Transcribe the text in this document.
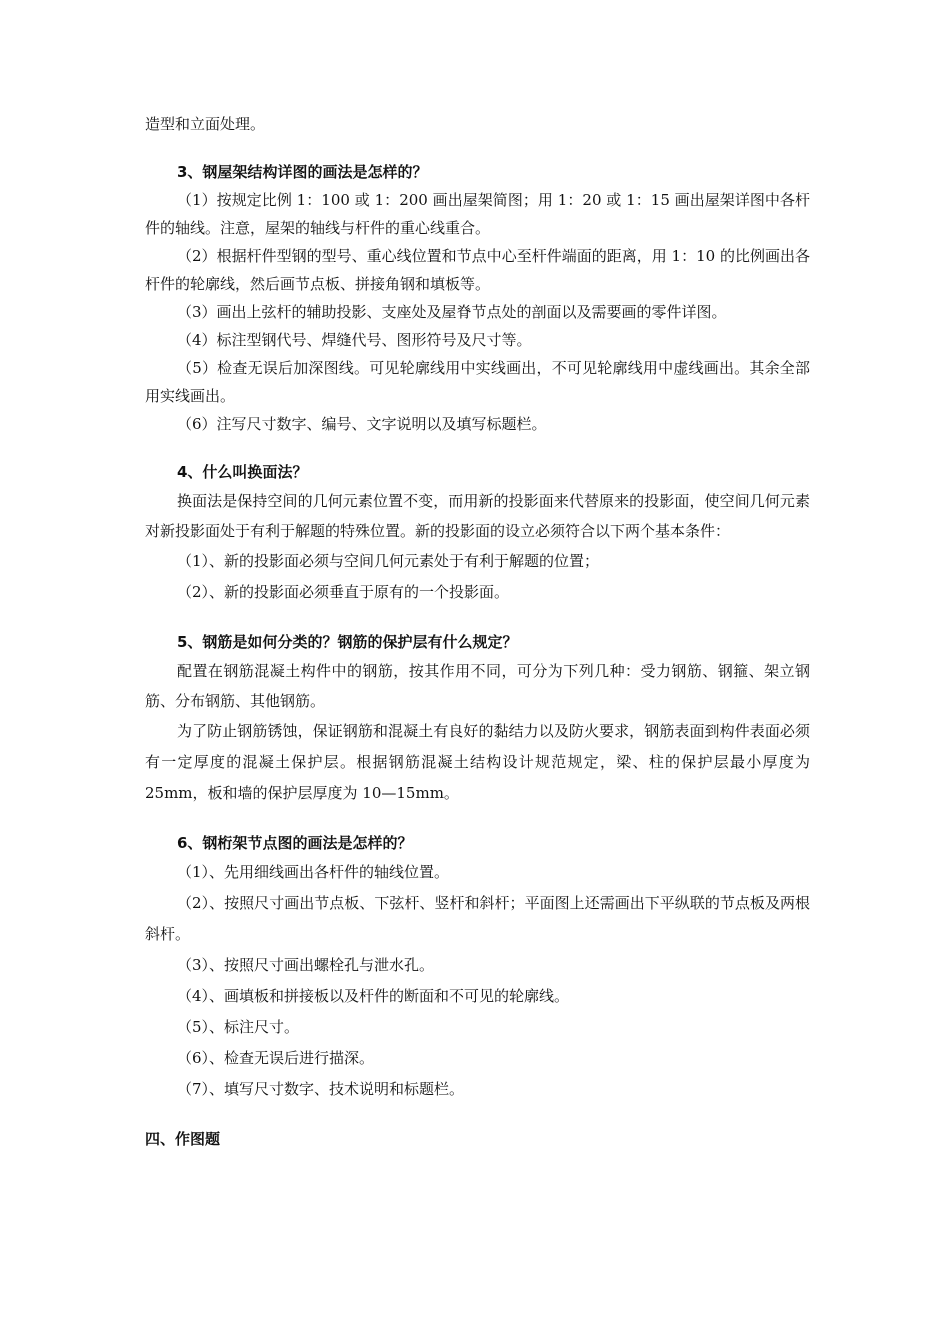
造型和立面处理。

3、钢屋架结构详图的画法是怎样的？

（1）按规定比例 1：100 或 1：200 画出屋架简图；用 1：20 或 1：15 画出屋架详图中各杆件的轴线。注意，屋架的轴线与杆件的重心线重合。

（2）根据杆件型钢的型号、重心线位置和节点中心至杆件端面的距离，用 1：10 的比例画出各杆件的轮廓线，然后画节点板、拼接角钢和填板等。

（3）画出上弦杆的辅助投影、支座处及屋脊节点处的剖面以及需要画的零件详图。

（4）标注型钢代号、焊缝代号、图形符号及尺寸等。

（5）检查无误后加深图线。可见轮廓线用中实线画出，不可见轮廓线用中虚线画出。其余全部用实线画出。

（6）注写尺寸数字、编号、文字说明以及填写标题栏。

4、什么叫换面法？

换面法是保持空间的几何元素位置不变，而用新的投影面来代替原来的投影面，使空间几何元素对新投影面处于有利于解题的特殊位置。新的投影面的设立必须符合以下两个基本条件：

（1）、新的投影面必须与空间几何元素处于有利于解题的位置；

（2）、新的投影面必须垂直于原有的一个投影面。

5、钢筋是如何分类的？钢筋的保护层有什么规定？

配置在钢筋混凝土构件中的钢筋，按其作用不同，可分为下列几种：受力钢筋、钢箍、架立钢筋、分布钢筋、其他钢筋。

为了防止钢筋锈蚀，保证钢筋和混凝土有良好的黏结力以及防火要求，钢筋表面到构件表面必须有一定厚度的混凝土保护层。根据钢筋混凝土结构设计规范规定，梁、柱的保护层最小厚度为 25mm，板和墙的保护层厚度为 10—15mm。

6、钢桁架节点图的画法是怎样的？

（1）、先用细线画出各杆件的轴线位置。

（2）、按照尺寸画出节点板、下弦杆、竖杆和斜杆；平面图上还需画出下平纵联的节点板及两根斜杆。

（3）、按照尺寸画出螺栓孔与泄水孔。

（4）、画填板和拼接板以及杆件的断面和不可见的轮廓线。

（5）、标注尺寸。

（6）、检查无误后进行描深。

（7）、填写尺寸数字、技术说明和标题栏。

四、作图题
